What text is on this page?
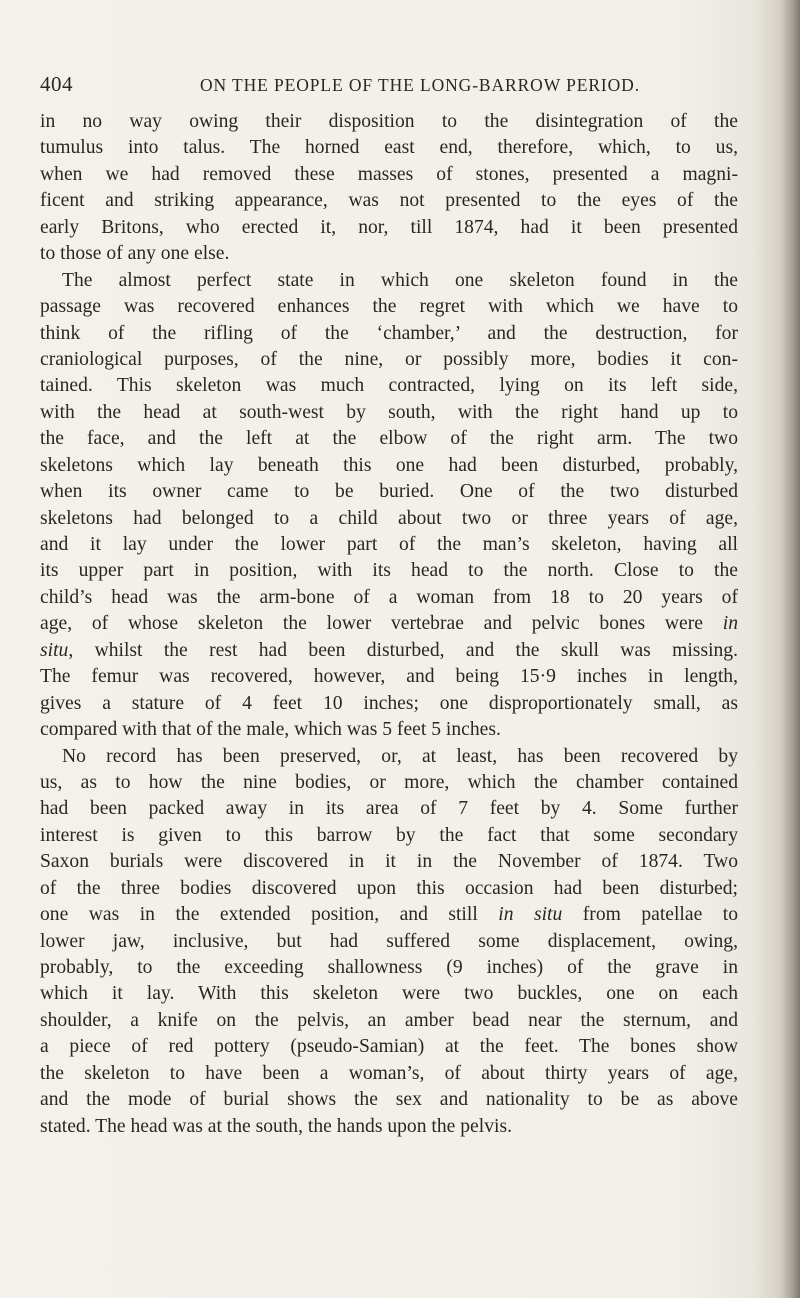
404	ON THE PEOPLE OF THE LONG-BARROW PERIOD.
in no way owing their disposition to the disintegration of the
tumulus into talus. The horned east end, therefore, which, to us,
when we had removed these masses of stones, presented a magni-
ficent and striking appearance, was not presented to the eyes of the
early Britons, who erected it, nor, till 1874, had it been presented
to those of any one else.
The almost perfect state in which one skeleton found in the
passage was recovered enhances the regret with which we have to
think of the rifling of the ‘chamber,’ and the destruction, for
craniological purposes, of the nine, or possibly more, bodies it con-
tained. This skeleton was much contracted, lying on its left side,
with the head at south-west by south, with the right hand up to
the face, and the left at the elbow of the right arm. The two
skeletons which lay beneath this one had been disturbed, probably,
when its owner came to be buried. One of the two disturbed
skeletons had belonged to a child about two or three years of age,
and it lay under the lower part of the man’s skeleton, having all
its upper part in position, with its head to the north. Close to the
child’s head was the arm-bone of a woman from 18 to 20 years of
age, of whose skeleton the lower vertebrae and pelvic bones were in
situ, whilst the rest had been disturbed, and the skull was missing.
The femur was recovered, however, and being 15·9 inches in length,
gives a stature of 4 feet 10 inches; one disproportionately small, as
compared with that of the male, which was 5 feet 5 inches.
No record has been preserved, or, at least, has been recovered by
us, as to how the nine bodies, or more, which the chamber contained
had been packed away in its area of 7 feet by 4. Some further
interest is given to this barrow by the fact that some secondary
Saxon burials were discovered in it in the November of 1874. Two
of the three bodies discovered upon this occasion had been disturbed;
one was in the extended position, and still in situ from patellae to
lower jaw, inclusive, but had suffered some displacement, owing,
probably, to the exceeding shallowness (9 inches) of the grave in
which it lay. With this skeleton were two buckles, one on each
shoulder, a knife on the pelvis, an amber bead near the sternum, and
a piece of red pottery (pseudo-Samian) at the feet. The bones show
the skeleton to have been a woman’s, of about thirty years of age,
and the mode of burial shows the sex and nationality to be as above
stated. The head was at the south, the hands upon the pelvis.
